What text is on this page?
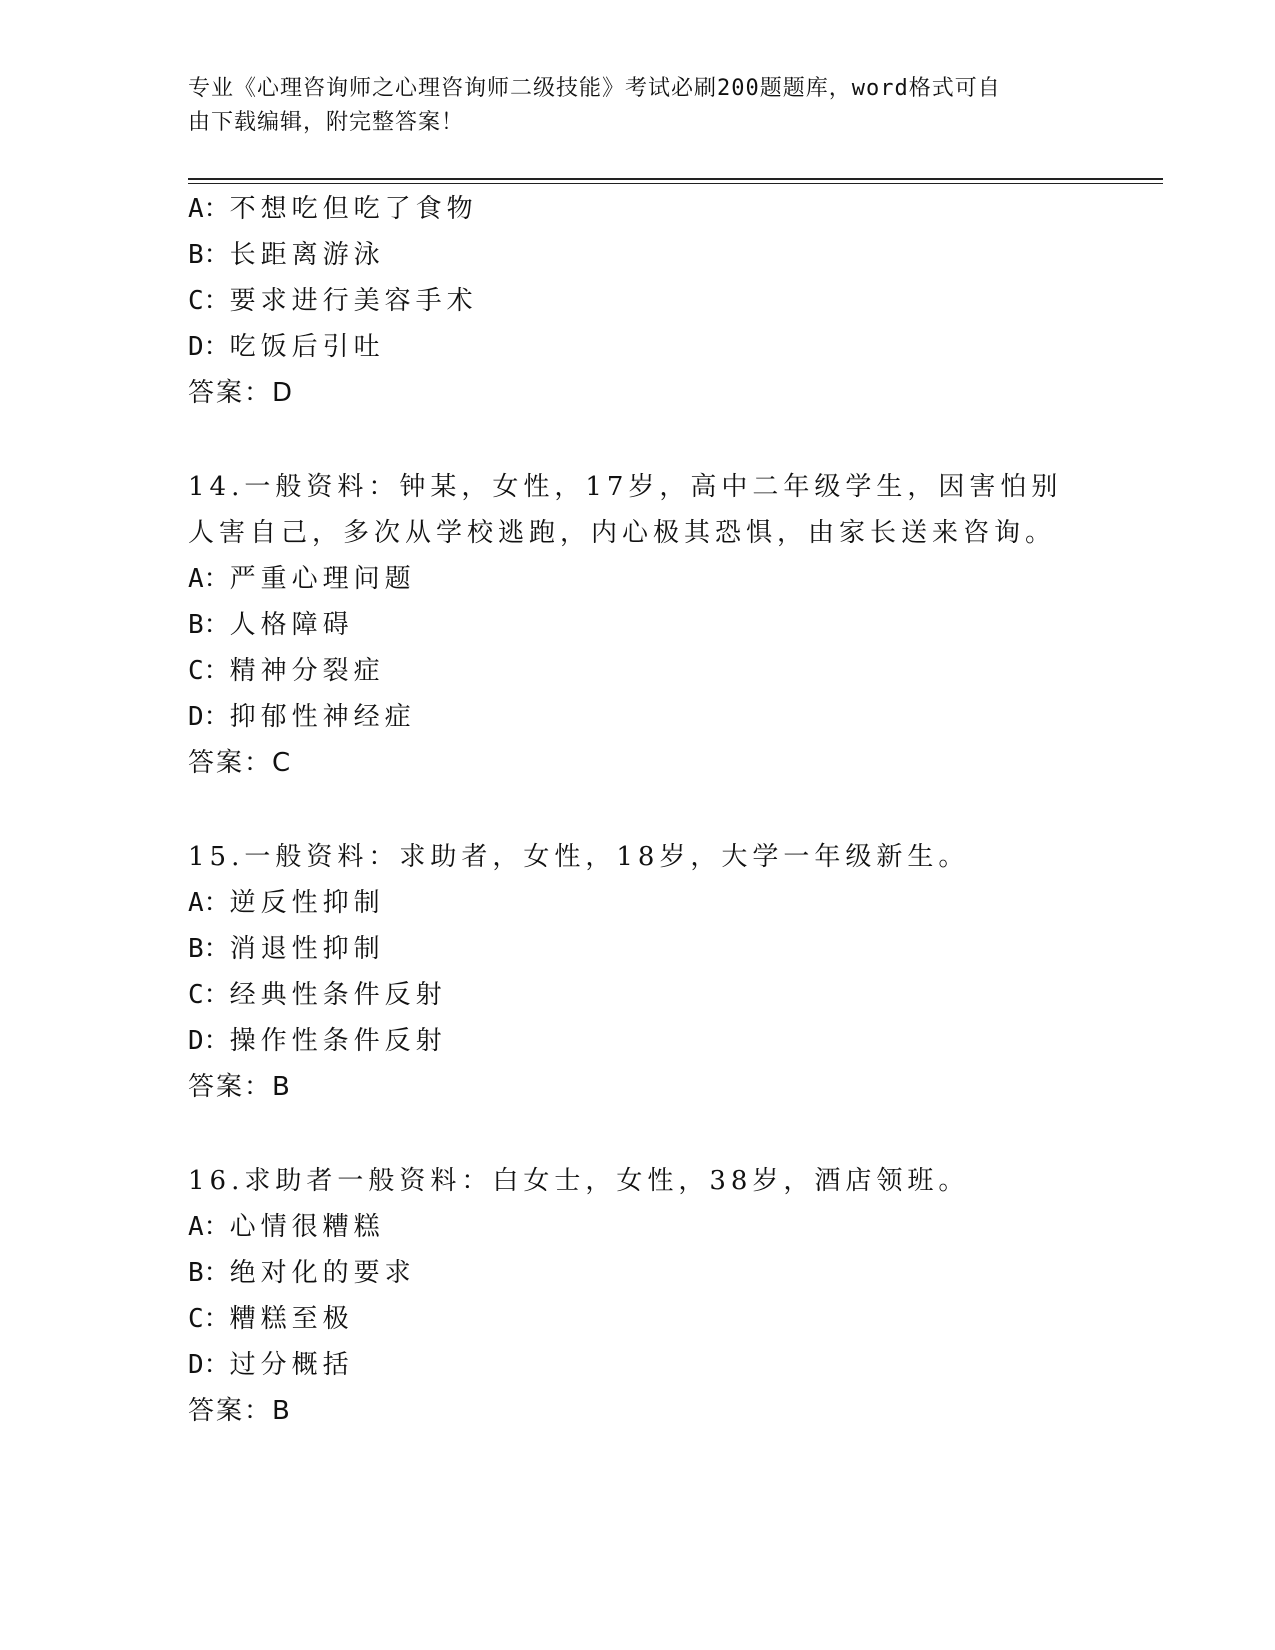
专业《心理咨询师之心理咨询师二级技能》考试必刷200题题库，word格式可自
由下载编辑，附完整答案！
A：不想吃但吃了食物
B：长距离游泳
C：要求进行美容手术
D：吃饭后引吐
答案：D
14.一般资料：钟某，女性，17岁，高中二年级学生，因害怕别人害自己，多次从学校逃跑，内心极其恐惧，由家长送来咨询。
A：严重心理问题
B：人格障碍
C：精神分裂症
D：抑郁性神经症
答案：C
15.一般资料：求助者，女性，18岁，大学一年级新生。
A：逆反性抑制
B：消退性抑制
C：经典性条件反射
D：操作性条件反射
答案：B
16.求助者一般资料：白女士，女性，38岁，酒店领班。
A：心情很糟糕
B：绝对化的要求
C：糟糕至极
D：过分概括
答案：B
